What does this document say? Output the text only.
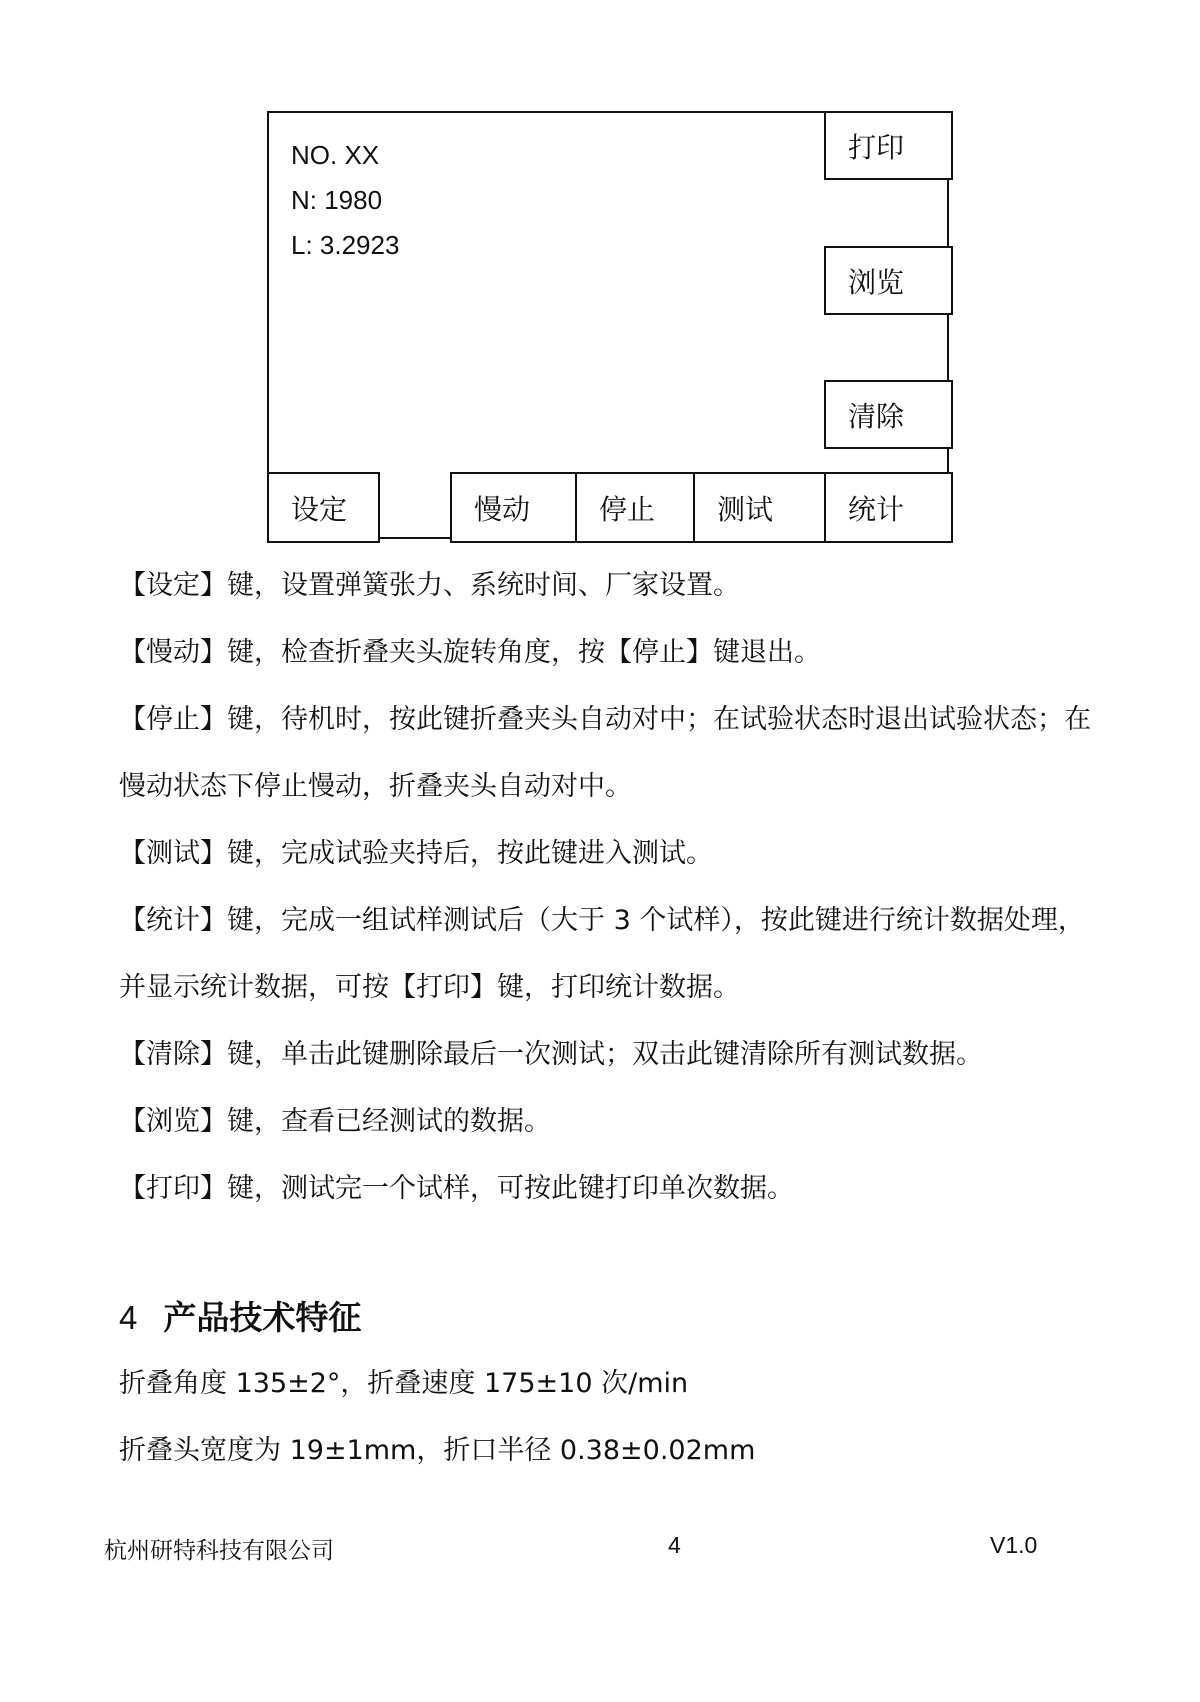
NO. XX
N: 1980
L: 3.2923
打印
浏览
清除
设定	慢动	停止	测试	统计

【设定】键，设置弹簧张力、系统时间、厂家设置。

【慢动】键，检查折叠夹头旋转角度，按【停止】键退出。

【停止】键，待机时，按此键折叠夹头自动对中；在试验状态时退出试验状态；在慢动状态下停止慢动，折叠夹头自动对中。

【测试】键，完成试验夹持后，按此键进入测试。

【统计】键，完成一组试样测试后（大于 3 个试样），按此键进行统计数据处理，并显示统计数据，可按【打印】键，打印统计数据。

【清除】键，单击此键删除最后一次测试；双击此键清除所有测试数据。

【浏览】键，查看已经测试的数据。

【打印】键，测试完一个试样，可按此键打印单次数据。

4 产品技术特征

折叠角度 135±2°，折叠速度 175±10 次/min

折叠头宽度为 19±1mm，折口半径 0.38±0.02mm

杭州研特科技有限公司	4	V1.0
